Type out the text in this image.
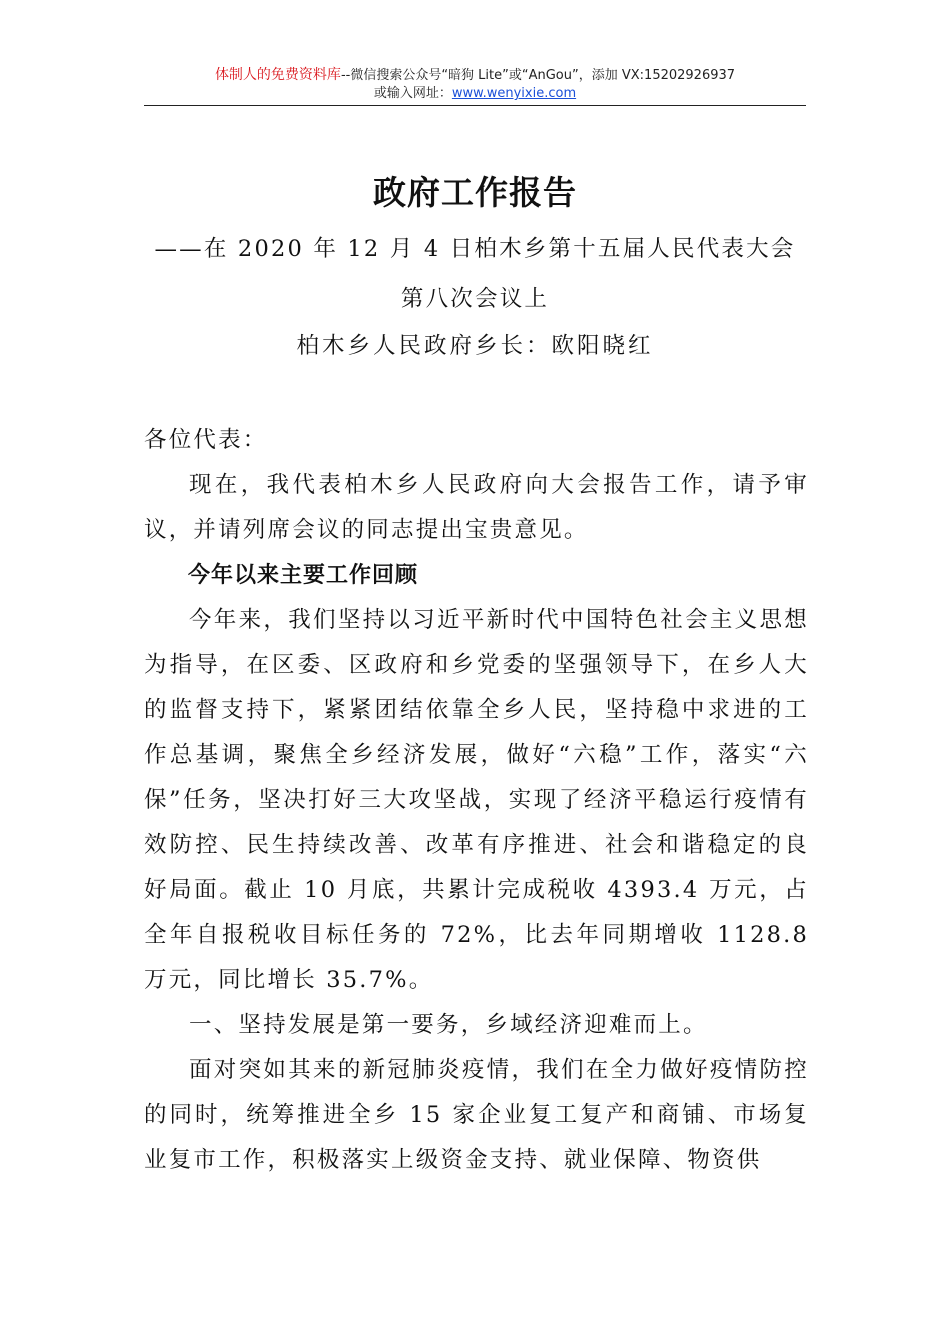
体制人的免费资料库--微信搜索公众号“暗狗 Lite”或“AnGou”，添加 VX:15202926937
或输入网址：www.wenyixie.com
政府工作报告
——在 2020 年 12 月 4 日柏木乡第十五届人民代表大会第八次会议上
柏木乡人民政府乡长：欧阳晓红

各位代表：

现在，我代表柏木乡人民政府向大会报告工作，请予审议，并请列席会议的同志提出宝贵意见。

今年以来主要工作回顾

今年来，我们坚持以习近平新时代中国特色社会主义思想为指导，在区委、区政府和乡党委的坚强领导下，在乡人大的监督支持下，紧紧团结依靠全乡人民，坚持稳中求进的工作总基调，聚焦全乡经济发展，做好“六稳”工作，落实“六保”任务，坚决打好三大攻坚战，实现了经济平稳运行疫情有效防控、民生持续改善、改革有序推进、社会和谐稳定的良好局面。截止 10 月底，共累计完成税收 4393.4 万元，占全年自报税收目标任务的 72%，比去年同期增收 1128.8 万元，同比增长 35.7%。

一、坚持发展是第一要务，乡域经济迎难而上。

面对突如其来的新冠肺炎疫情，我们在全力做好疫情防控的同时，统筹推进全乡 15 家企业复工复产和商铺、市场复业复市工作，积极落实上级资金支持、就业保障、物资供
